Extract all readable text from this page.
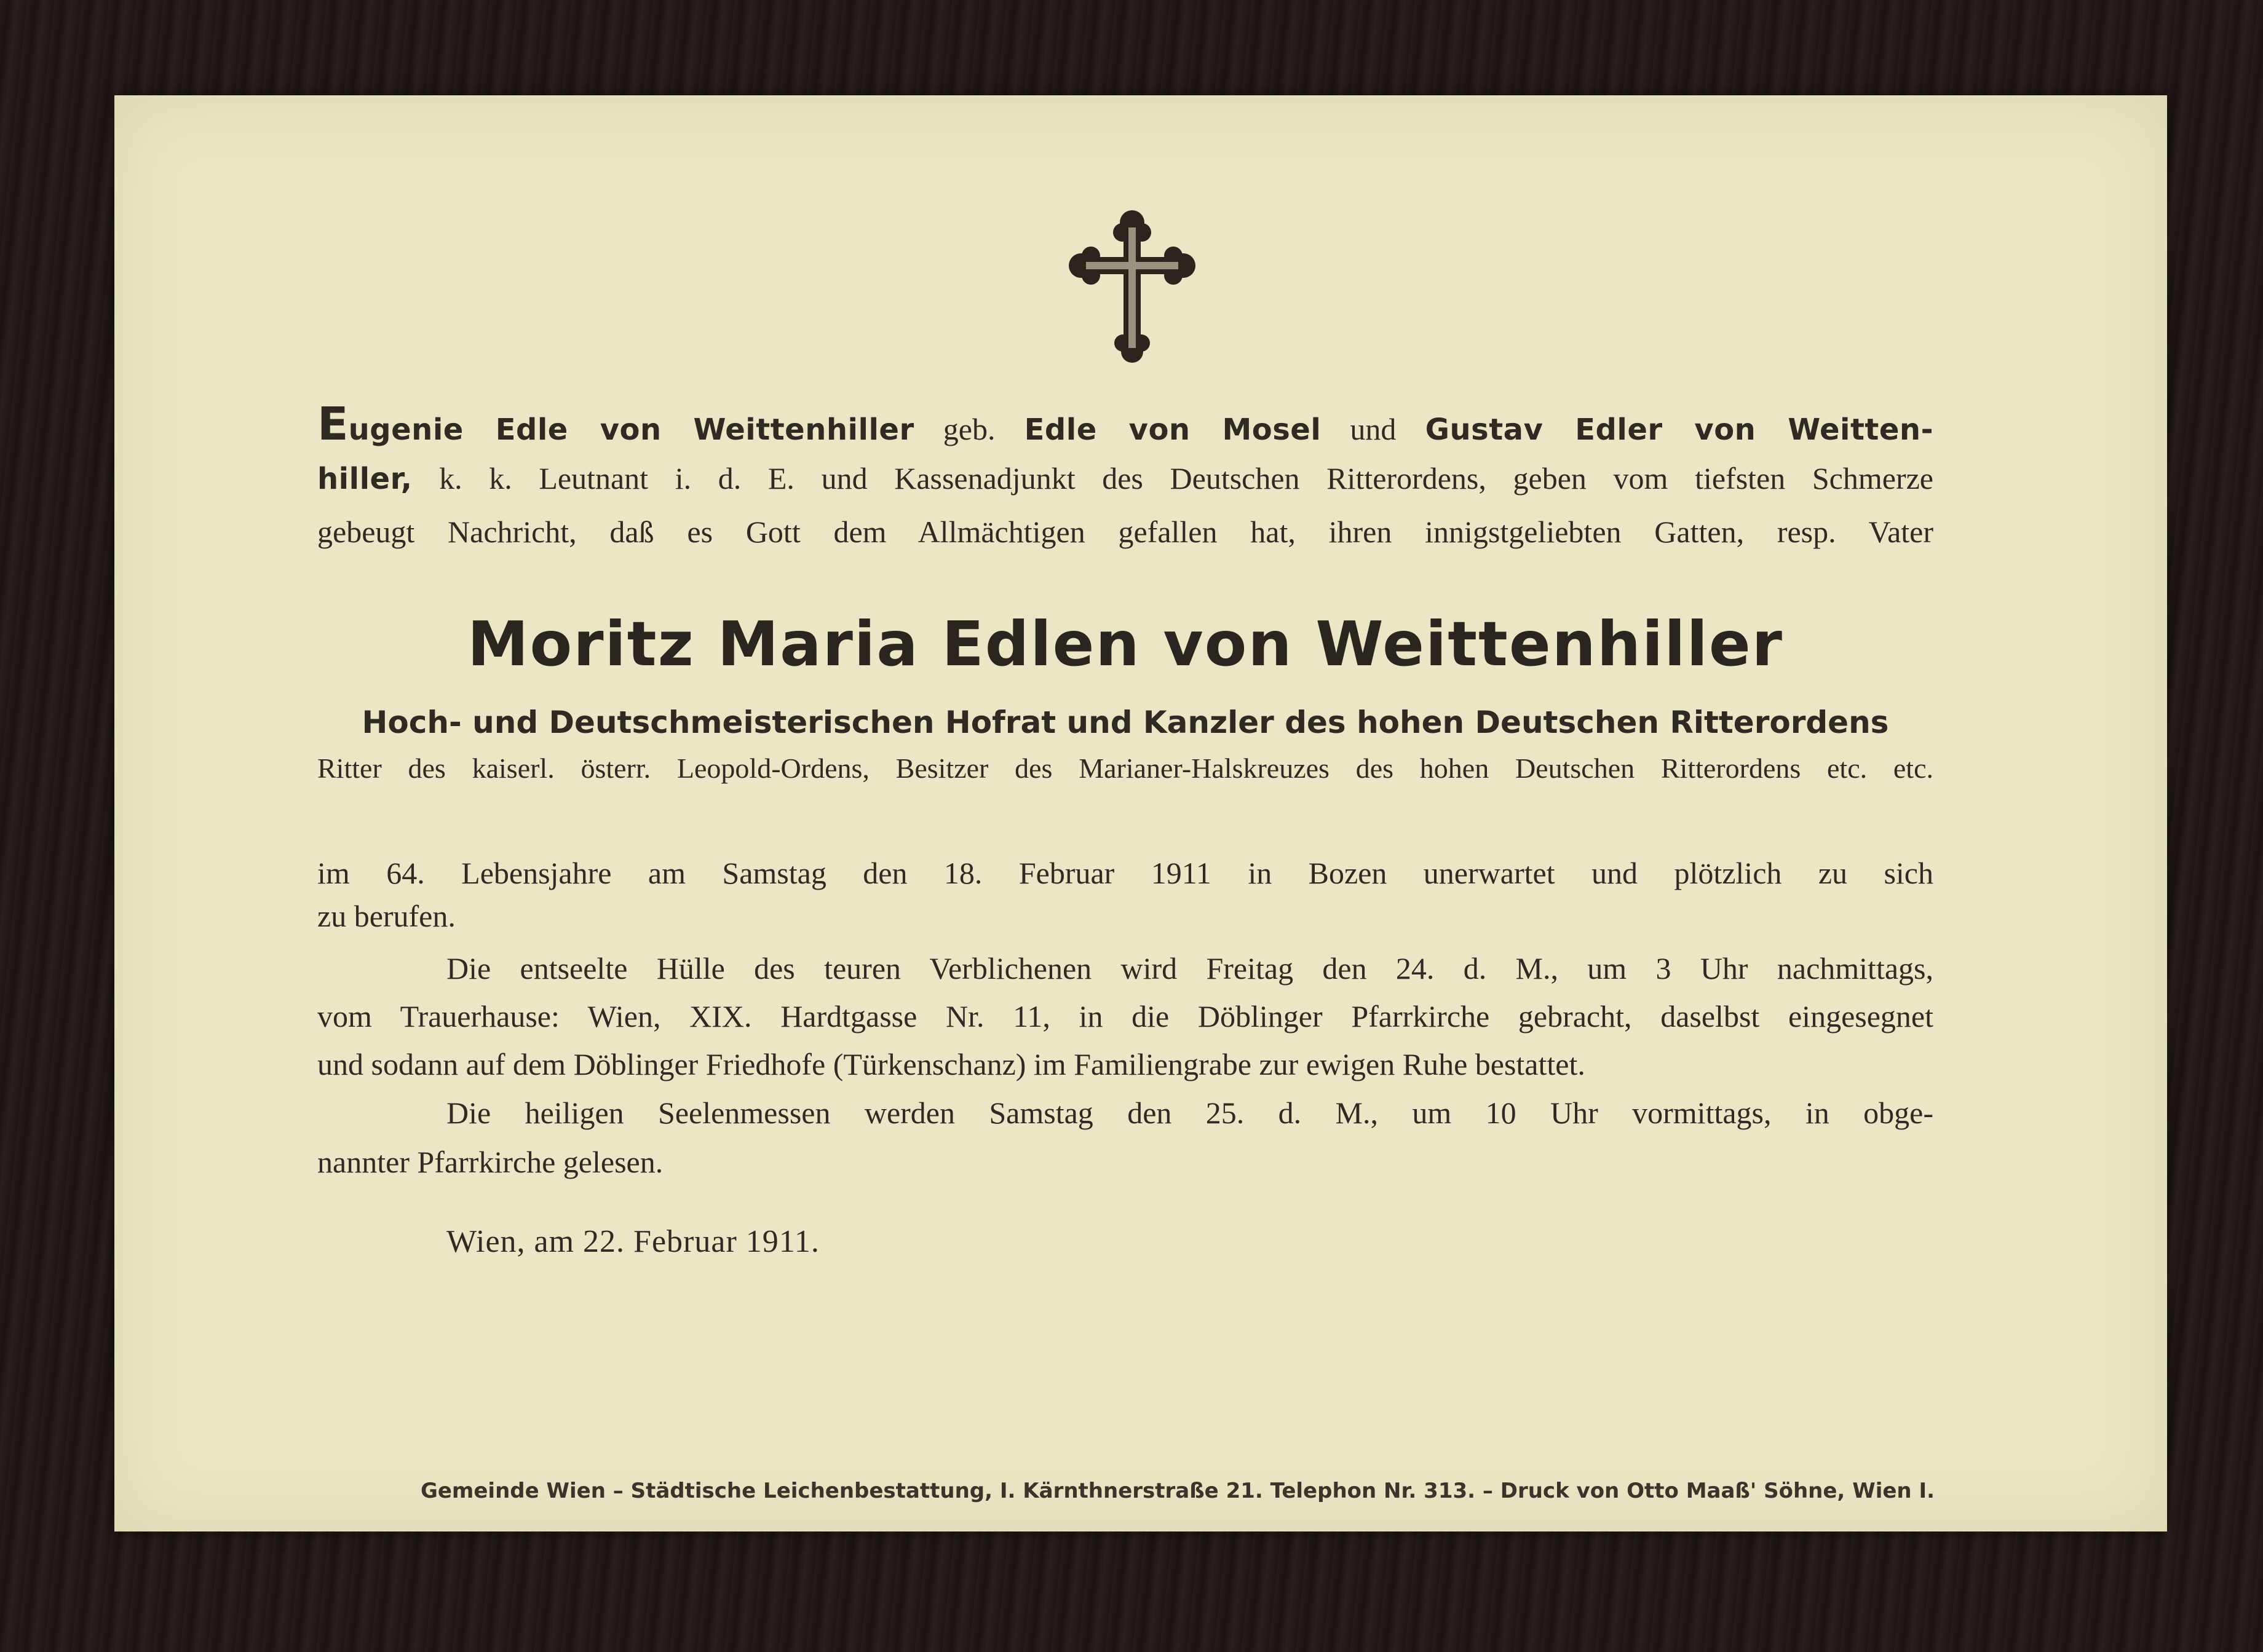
Eugenie Edle von Weittenhiller geb. Edle von Mosel und Gustav Edler von Weitten-

hiller, k. k. Leutnant i. d. E. und Kassenadjunkt des Deutschen Ritterordens, geben vom tiefsten Schmerze

gebeugt Nachricht, daß es Gott dem Allmächtigen gefallen hat, ihren innigstgeliebten Gatten, resp. Vater

Moritz Maria Edlen von Weittenhiller

Hoch- und Deutschmeisterischen Hofrat und Kanzler des hohen Deutschen Ritterordens

Ritter des kaiserl. österr. Leopold-Ordens, Besitzer des Marianer-Halskreuzes des hohen Deutschen Ritterordens etc. etc.

im 64. Lebensjahre am Samstag den 18. Februar 1911 in Bozen unerwartet und plötzlich zu sich

zu berufen.

Die entseelte Hülle des teuren Verblichenen wird Freitag den 24. d. M., um 3 Uhr nachmittags,

vom Trauerhause: Wien, XIX. Hardtgasse Nr. 11, in die Döblinger Pfarrkirche gebracht, daselbst eingesegnet

und sodann auf dem Döblinger Friedhofe (Türkenschanz) im Familiengrabe zur ewigen Ruhe bestattet.

Die heiligen Seelenmessen werden Samstag den 25. d. M., um 10 Uhr vormittags, in obge-

nannter Pfarrkirche gelesen.

Wien, am 22. Februar 1911.

Gemeinde Wien – Städtische Leichenbestattung, I. Kärnthnerstraße 21. Telephon Nr. 313. – Druck von Otto Maaß' Söhne, Wien I.
